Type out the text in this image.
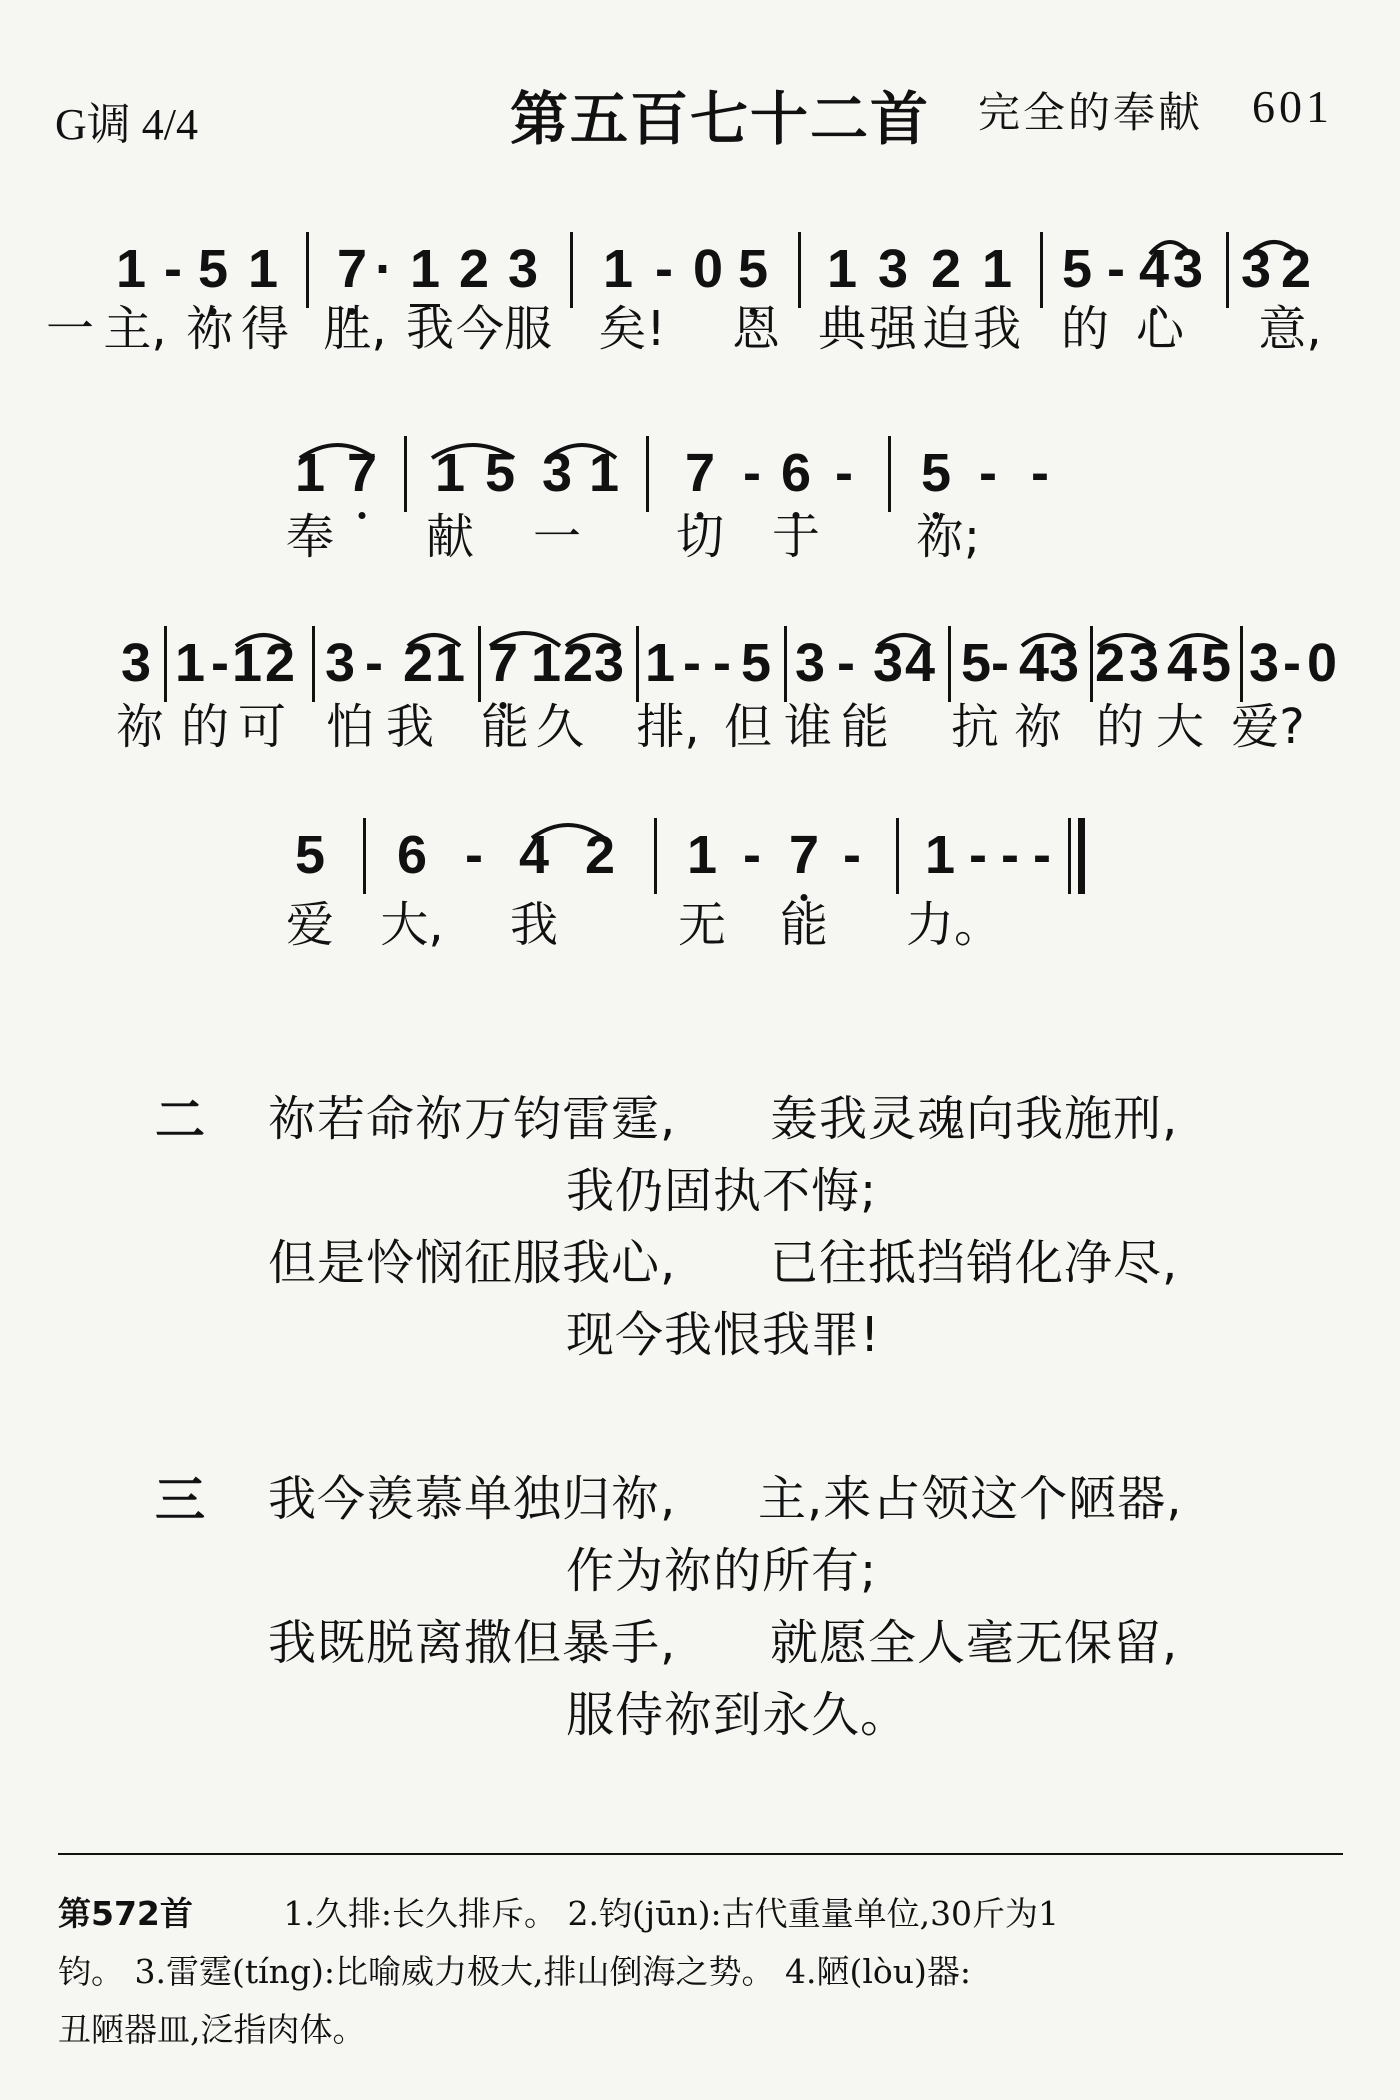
G调 4/4	第五百七十二首 完全的奉献 601
1 - 5 1 7 · 1 2 3 1 - 0 5 1 3 2 1 5 - 4 3 3 2
一 主, 祢 得 胜, 我 今 服 矣! 恩 典 强 迫 我 的 心 意,
1 7 1 5 3 1 7 - 6 - 5 - -
奉 献 一 切 于 祢;
3 1 - 1 2 3 - 2 1 7 1 2 3 1 - - 5 3 - 3 4 5 - 4 3 2 3 4 5 3 - 0
祢 的 可 怕 我 能 久 排, 但 谁 能 抗 祢 的 大 爱?
5 6 - 4 2 1 - 7 - 1 - - -
爱 大, 我 无 能 力。
二 祢若命祢万钧雷霆, 轰我灵魂向我施刑,
我仍固执不悔;
但是怜悯征服我心, 已往抵挡销化净尽,
现今我恨我罪!
三 我今羡慕单独归祢, 主,来占领这个陋器,
作为祢的所有;
我既脱离撒但暴手, 就愿全人毫无保留,
服侍祢到永久。
第572首	1.久排:长久排斥。 2.钧(jūn):古代重量单位,30斤为1
钧。 3.雷霆(tíng):比喻威力极大,排山倒海之势。 4.陋(lòu)器:
丑陋器皿,泛指肉体。
